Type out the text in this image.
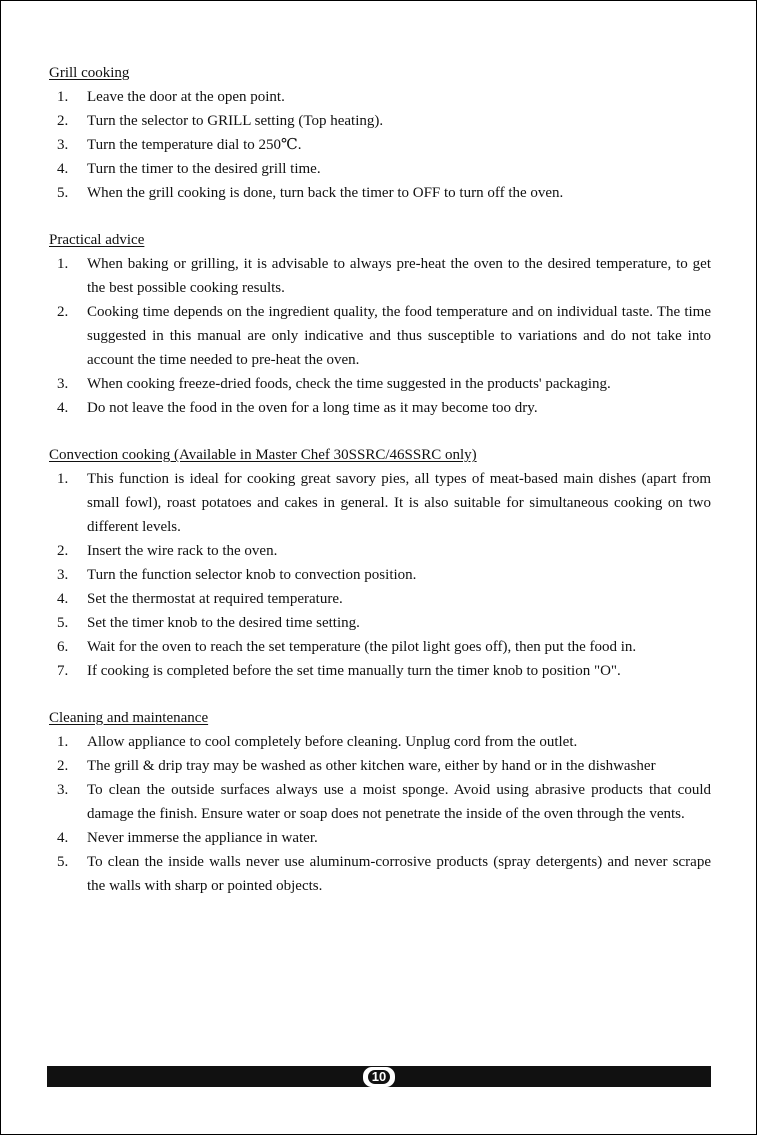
Grill cooking
1.	Leave the door at the open point.
2.	Turn the selector to GRILL setting (Top heating).
3.	Turn the temperature dial to 250℃.
4.	Turn the timer to the desired grill time.
5.	When the grill cooking is done, turn back the timer to OFF to turn off the oven.
Practical advice
1.	When baking or grilling, it is advisable to always pre-heat the oven to the desired temperature, to get the best possible cooking results.
2.	Cooking time depends on the ingredient quality, the food temperature and on individual taste. The time suggested in this manual are only indicative and thus susceptible to variations and do not take into account the time needed to pre-heat the oven.
3.	When cooking freeze-dried foods, check the time suggested in the products' packaging.
4.	Do not leave the food in the oven for a long time as it may become too dry.
Convection cooking (Available in Master Chef 30SSRC/46SSRC only)
1.	This function is ideal for cooking great savory pies, all types of meat-based main dishes (apart from small fowl), roast potatoes and cakes in general. It is also suitable for simultaneous cooking on two different levels.
2.	Insert the wire rack to the oven.
3.	Turn the function selector knob to convection position.
4.	Set the thermostat at required temperature.
5.	Set the timer knob to the desired time setting.
6.	Wait for the oven to reach the set temperature (the pilot light goes off), then put the food in.
7.	If cooking is completed before the set time manually turn the timer knob to position "O".
Cleaning and maintenance
1.	Allow appliance to cool completely before cleaning. Unplug cord from the outlet.
2.	The grill & drip tray may be washed as other kitchen ware, either by hand or in the dishwasher
3.	To clean the outside surfaces always use a moist sponge. Avoid using abrasive products that could damage the finish. Ensure water or soap does not penetrate the inside of the oven through the vents.
4.	Never immerse the appliance in water.
5.	To clean the inside walls never use aluminum-corrosive products (spray detergents) and never scrape the walls with sharp or pointed objects.
10
